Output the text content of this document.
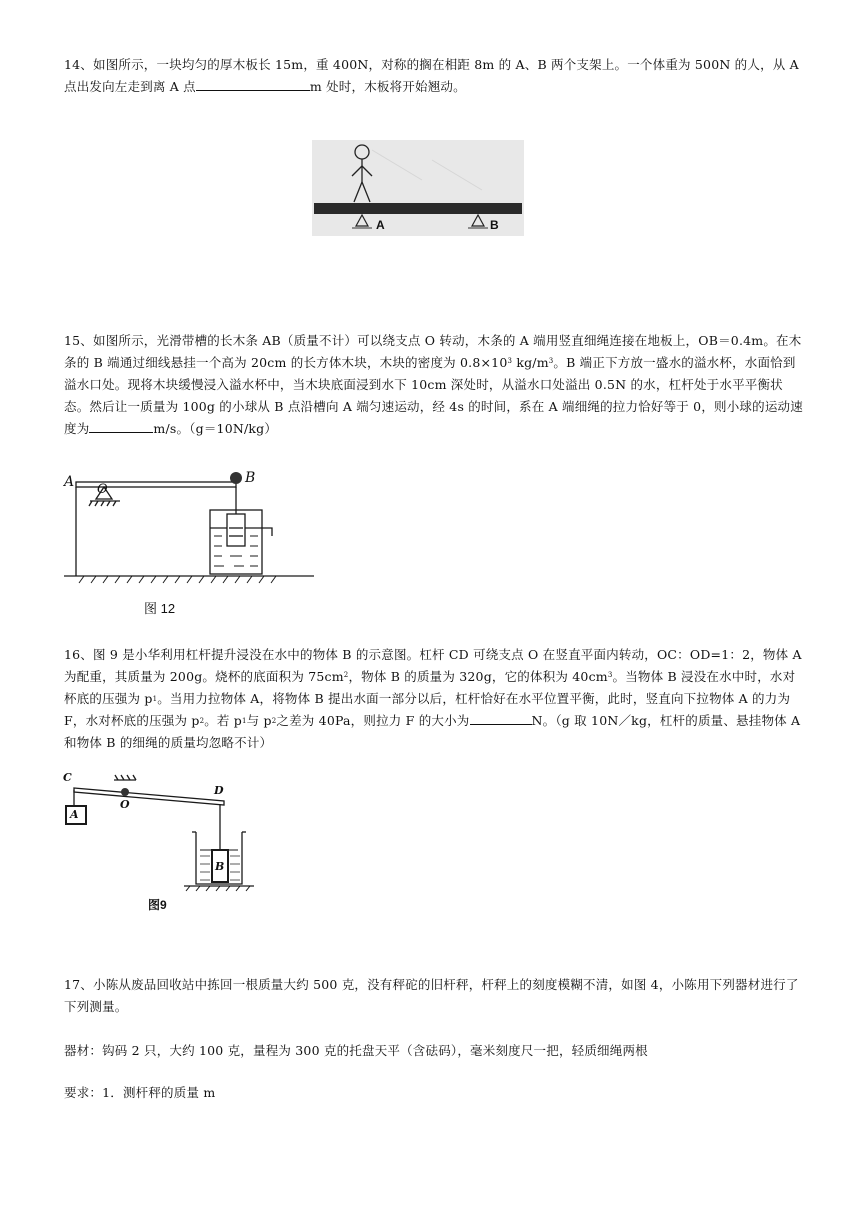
14、如图所示，一块均匀的厚木板长 15m，重 400N，对称的搁在相距 8m 的 A、B 两个支架上。一个体重为 500N 的人，从 A 点出发向左走到离 A 点	m 处时，木板将开始翘动。
A	B
15、如图所示，光滑带槽的长木条 AB（质量不计）可以绕支点 O 转动，木条的 A 端用竖直细绳连接在地板上，OB＝0.4m。在木条的 B 端通过细线悬挂一个高为 20cm 的长方体木块，木块的密度为 $0.8\times 10^3$ $kg/m^3$。B 端正下方放一盛水的溢水杯，水面恰到溢水口处。现将木块缓慢浸入溢水杯中，当木块底面浸到水下 10cm 深处时，从溢水口处溢出 0.5N 的水，杠杆处于水平平衡状态。然后让一质量为 100g 的小球从 B 点沿槽向 A 端匀速运动，经 4s 的时间，系在 A 端细绳的拉力恰好等于 0，则小球的运动速度为	m/s。（g＝10N/kg）
A O
B
图 12
16、图 9 是小华利用杠杆提升浸没在水中的物体 B 的示意图。杠杆 CD 可绕支点 O 在竖直平面内转动，OC：OD=1：2，物体 A 为配重，其质量为 200g。烧杯的底面积为 $75cm^2$，物体 B 的质量为 320g，它的体积为 $40cm^3$。当物体 B 浸没在水中时，水对杯底的压强为 p1。当用力拉物体 A，将物体 B 提出水面一部分以后，杠杆恰好在水平位置平衡，此时，竖直向下拉物体 A 的力为 F，水对杯底的压强为 p2。若 p1与 p2之差为 40Pa，则拉力 F 的大小为	N。（g 取 10N／kg，杠杆的质量、悬挂物体 A 和物体 B 的细绳的质量均忽略不计）
C
O
D
A
B
图9
17、小陈从废品回收站中拣回一根质量大约 500 克，没有秤砣的旧杆秤，杆秤上的刻度模糊不清，如图 4，小陈用下列器材进行了下列测量。
器材：钩码 2 只，大约 100 克，量程为 300 克的托盘天平（含砝码），毫米刻度尺一把，轻质细绳两根
要求：1．测杆秤的质量 m
